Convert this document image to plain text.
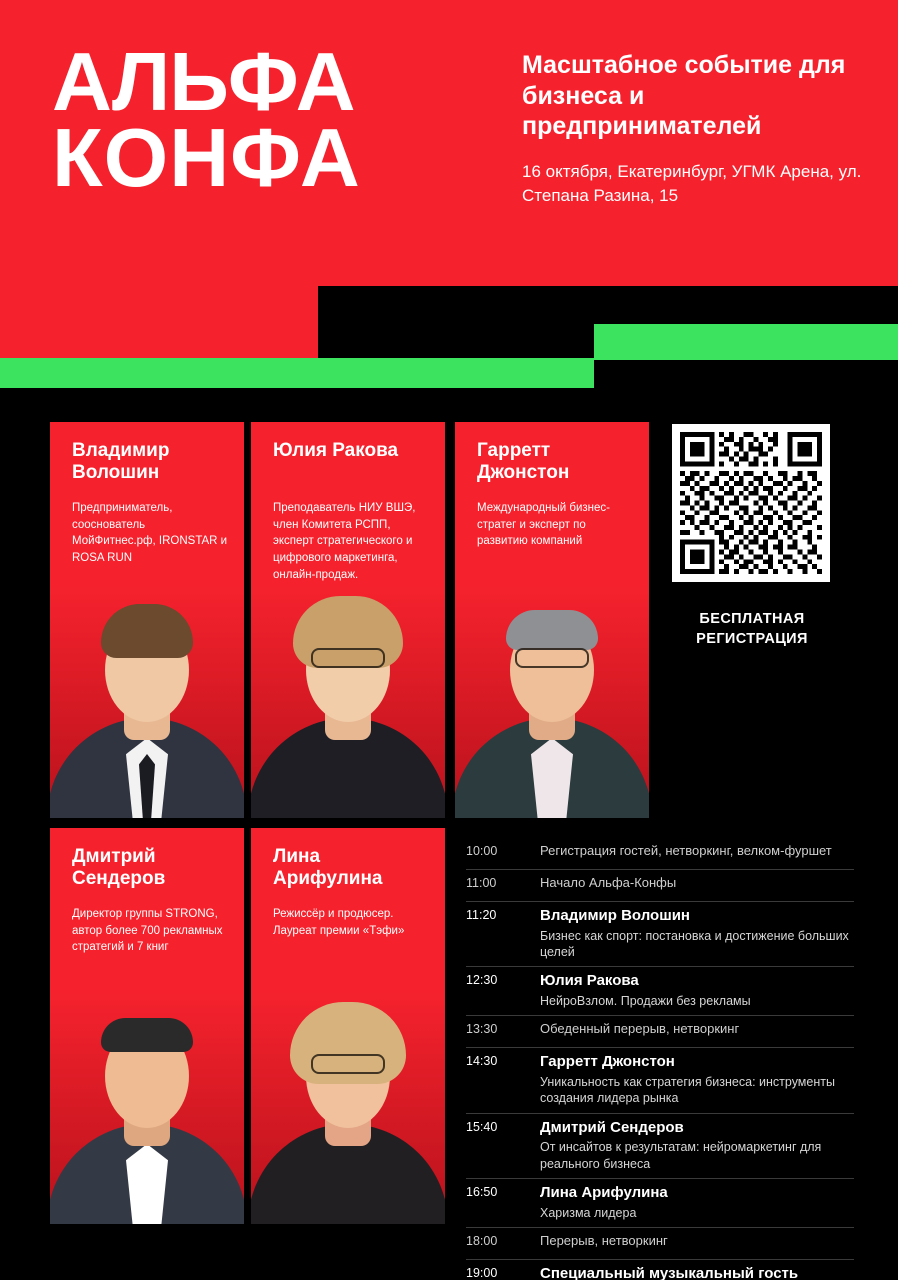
АЛЬФА
КОНФА
Масштабное событие для бизнеса и предпринимателей
16 октября, Екатеринбург, УГМК Арена, ул. Степана Разина, 15
Владимир Волошин
Предприниматель, сооснователь МойФитнес.рф, IRONSTAR и ROSA RUN
Юлия Ракова
Преподаватель НИУ ВШЭ, член Комитета РСПП, эксперт стратегического и цифрового маркетинга, онлайн-продаж.
Гарретт Джонстон
Международный бизнес-стратег и эксперт по развитию компаний
Дмитрий Сендеров
Директор группы STRONG, автор более 700 рекламных стратегий и 7 книг
Лина Арифулина
Режиссёр и продюсер. Лауреат премии «Тэфи»
БЕСПЛАТНАЯ РЕГИСТРАЦИЯ
10:00	Регистрация гостей, нетворкинг, велком-фуршет
11:00	Начало Альфа-Конфы
11:20	Владимир Волошин
Бизнес как спорт: постановка и достижение больших целей
12:30	Юлия Ракова
НейроВзлом. Продажи без рекламы
13:30	Обеденный перерыв, нетворкинг
14:30	Гарретт Джонстон
Уникальность как стратегия бизнеса: инструменты создания лидера рынка
15:40	Дмитрий Сендеров
От инсайтов к результатам: нейромаркетинг для реального бизнеса
16:50	Лина Арифулина
Харизма лидера
18:00	Перерыв, нетворкинг
19:00	Специальный музыкальный гость
